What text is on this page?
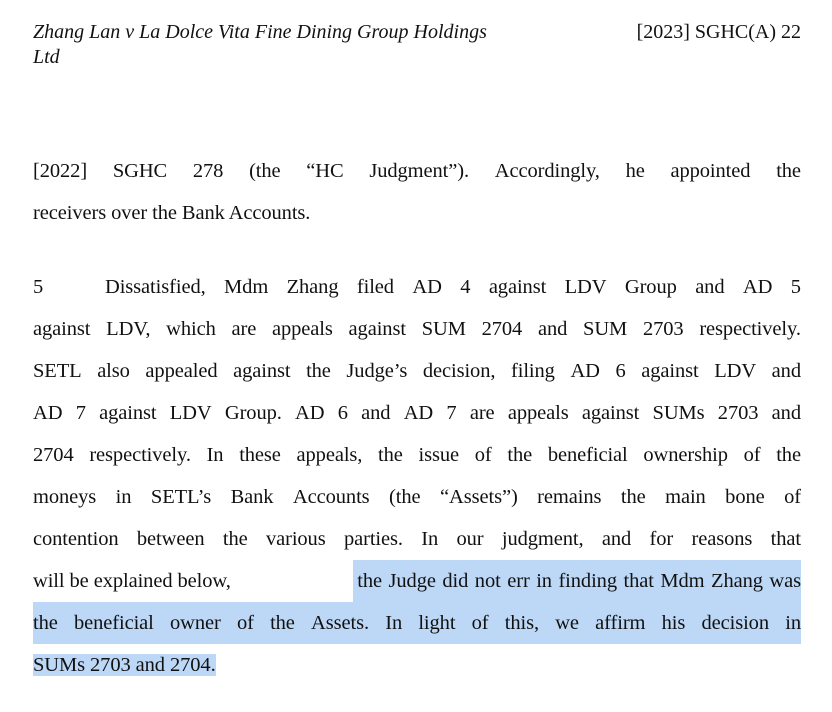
Zhang Lan v La Dolce Vita Fine Dining Group Holdings Ltd
[2023] SGHC(A) 22
[2022] SGHC 278 (the “HC Judgment”). Accordingly, he appointed the
receivers over the Bank Accounts.
5	Dissatisfied, Mdm Zhang filed AD 4 against LDV Group and AD 5
against LDV, which are appeals against SUM 2704 and SUM 2703 respectively.
SETL also appealed against the Judge’s decision, filing AD 6 against LDV and
AD 7 against LDV Group. AD 6 and AD 7 are appeals against SUMs 2703 and
2704 respectively. In these appeals, the issue of the beneficial ownership of the
moneys in SETL’s Bank Accounts (the “Assets”) remains the main bone of
contention between the various parties. In our judgment, and for reasons that
will be explained below,	the Judge did not err in finding that Mdm Zhang was
the beneficial owner of the Assets. In light of this, we affirm his decision in
SUMs 2703 and 2704.
